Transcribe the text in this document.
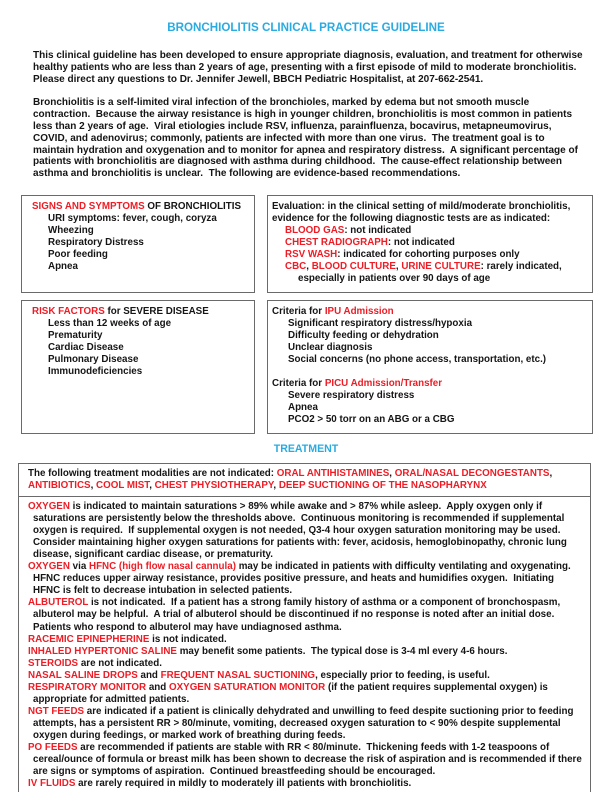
BRONCHIOLITIS CLINICAL PRACTICE GUIDELINE

This clinical guideline has been developed to ensure appropriate diagnosis, evaluation, and treatment for otherwise healthy patients who are less than 2 years of age, presenting with a first episode of mild to moderate bronchiolitis.  Please direct any questions to Dr. Jennifer Jewell, BBCH Pediatric Hospitalist, at 207-662-2541.

Bronchiolitis is a self-limited viral infection of the bronchioles, marked by edema but not smooth muscle contraction.  Because the airway resistance is high in younger children, bronchiolitis is most common in patients less than 2 years of age.  Viral etiologies include RSV, influenza, parainfluenza, bocavirus, metapneumovirus, COVID, and adenovirus; commonly, patients are infected with more than one virus.  The treatment goal is to maintain hydration and oxygenation and to monitor for apnea and respiratory distress.  A significant percentage of patients with bronchiolitis are diagnosed with asthma during childhood.  The cause-effect relationship between asthma and bronchiolitis is unclear.  The following are evidence-based recommendations.

SIGNS AND SYMPTOMS OF BRONCHIOLITIS
URI symptoms: fever, cough, coryza
Wheezing
Respiratory Distress
Poor feeding
Apnea
Evaluation: in the clinical setting of mild/moderate bronchiolitis, evidence for the following diagnostic tests are as indicated:
BLOOD GAS: not indicated
CHEST RADIOGRAPH: not indicated
RSV WASH: indicated for cohorting purposes only
CBC, BLOOD CULTURE, URINE CULTURE: rarely indicated,
especially in patients over 90 days of age
RISK FACTORS for SEVERE DISEASE
Less than 12 weeks of age
Prematurity
Cardiac Disease
Pulmonary Disease
Immunodeficiencies
Criteria for IPU Admission
Significant respiratory distress/hypoxia
Difficulty feeding or dehydration
Unclear diagnosis
Social concerns (no phone access, transportation, etc.)
Criteria for PICU Admission/Transfer
Severe respiratory distress
Apnea
PCO2 > 50 torr on an ABG or a CBG
TREATMENT
The following treatment modalities are not indicated: ORAL ANTIHISTAMINES, ORAL/NASAL DECONGESTANTS, ANTIBIOTICS, COOL MIST, CHEST PHYSIOTHERAPY, DEEP SUCTIONING OF THE NASOPHARYNX
OXYGEN is indicated to maintain saturations > 89% while awake and > 87% while asleep.  Apply oxygen only if saturations are persistently below the thresholds above.  Continuous monitoring is recommended if supplemental oxygen is required.  If supplemental oxygen is not needed, Q3-4 hour oxygen saturation monitoring may be used.  Consider maintaining higher oxygen saturations for patients with: fever, acidosis, hemoglobinopathy, chronic lung disease, significant cardiac disease, or prematurity.
OXYGEN via HFNC (high flow nasal cannula) may be indicated in patients with difficulty ventilating and oxygenating.  HFNC reduces upper airway resistance, provides positive pressure, and heats and humidifies oxygen.  Initiating HFNC is felt to decrease intubation in selected patients.
ALBUTEROL is not indicated.  If a patient has a strong family history of asthma or a component of bronchospasm, albuterol may be helpful.  A trial of albuterol should be discontinued if no response is noted after an initial dose.  Patients who respond to albuterol may have undiagnosed asthma.
RACEMIC EPINEPHERINE is not indicated.
INHALED HYPERTONIC SALINE may benefit some patients.  The typical dose is 3-4 ml every 4-6 hours.
STEROIDS are not indicated.
NASAL SALINE DROPS and FREQUENT NASAL SUCTIONING, especially prior to feeding, is useful.
RESPIRATORY MONITOR and OXYGEN SATURATION MONITOR (if the patient requires supplemental oxygen) is appropriate for admitted patients.
NGT FEEDS are indicated if a patient is clinically dehydrated and unwilling to feed despite suctioning prior to feeding attempts, has a persistent RR > 80/minute, vomiting, decreased oxygen saturation to < 90% despite supplemental oxygen during feedings, or marked work of breathing during feeds.
PO FEEDS are recommended if patients are stable with RR < 80/minute.  Thickening feeds with 1-2 teaspoons of cereal/ounce of formula or breast milk has been shown to decrease the risk of aspiration and is recommended if there are signs or symptoms of aspiration.  Continued breastfeeding should be encouraged.
IV FLUIDS are rarely required in mildly to moderately ill patients with bronchiolitis.
